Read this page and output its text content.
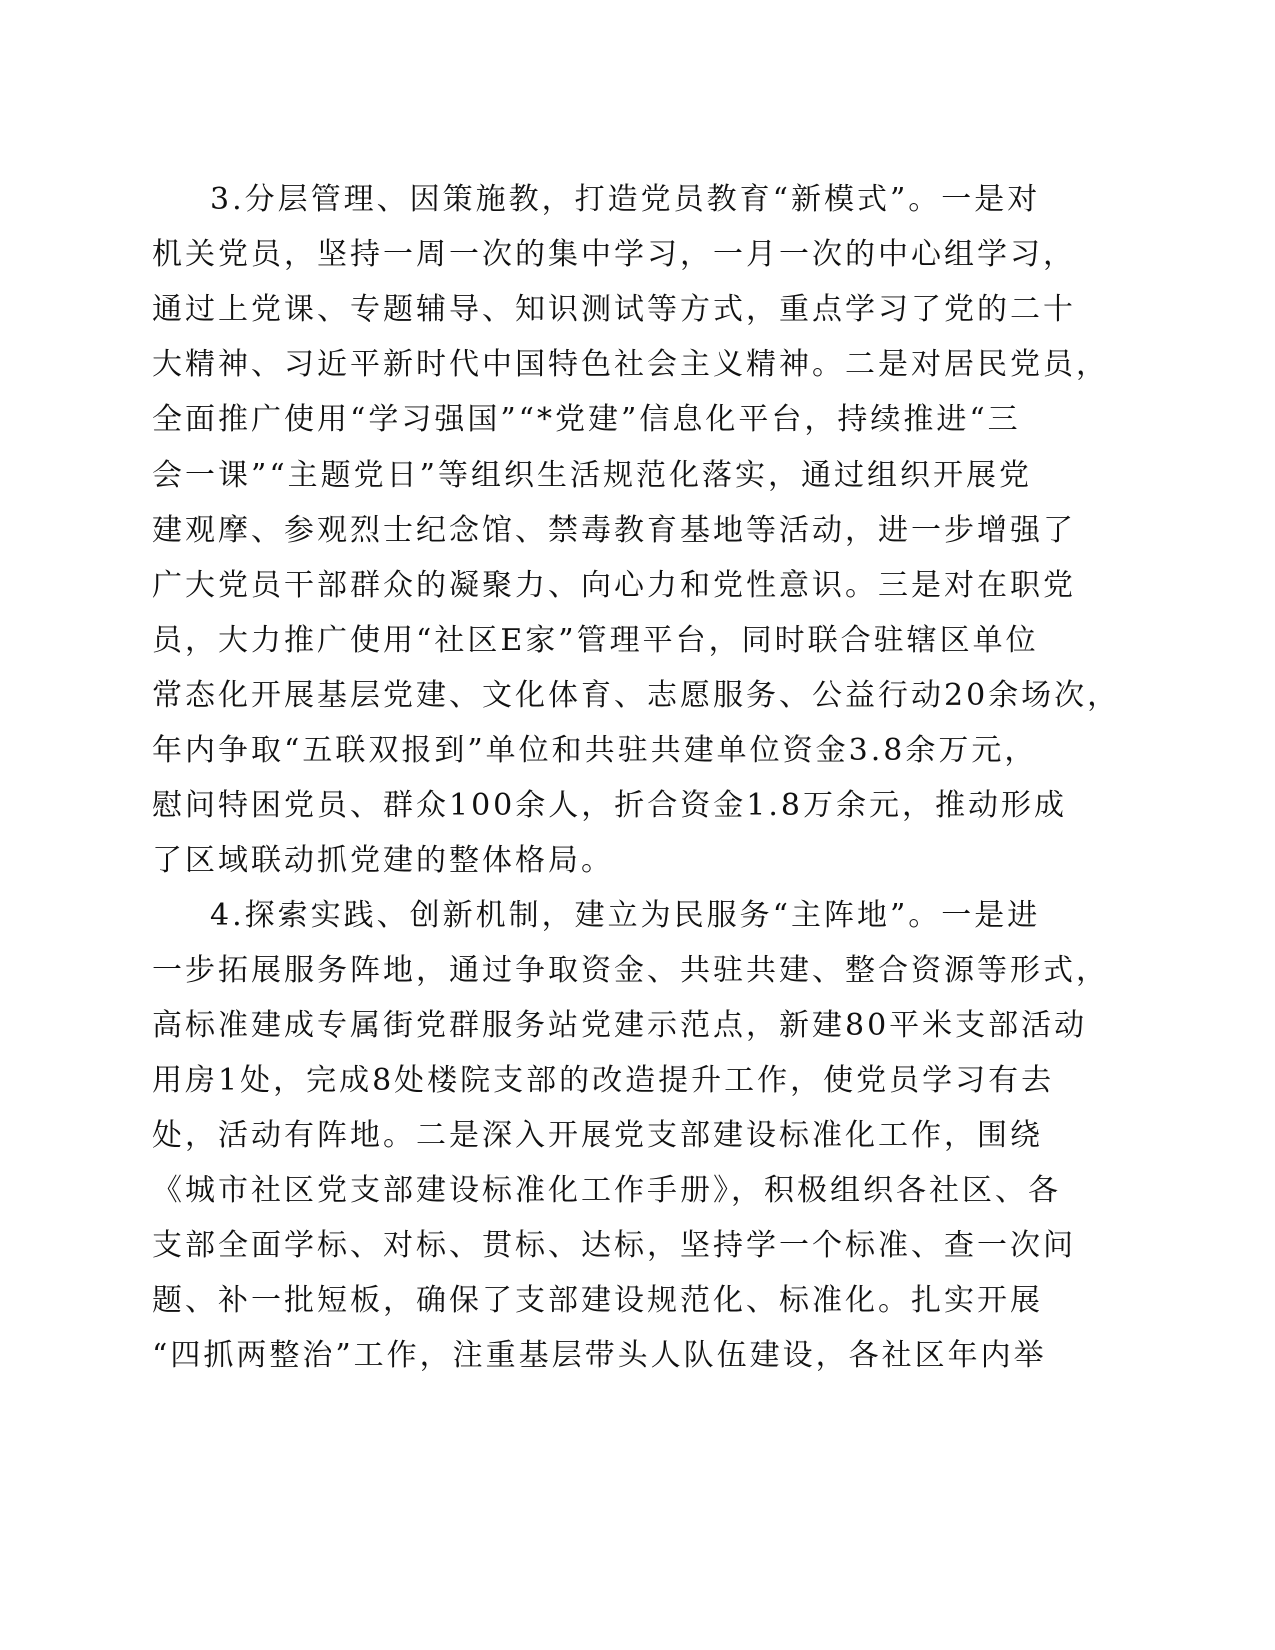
3.分层管理、因策施教，打造党员教育“新模式”。一是对

机关党员，坚持一周一次的集中学习，一月一次的中心组学习，

通过上党课、专题辅导、知识测试等方式，重点学习了党的二十

大精神、习近平新时代中国特色社会主义精神。二是对居民党员，

全面推广使用“学习强国”“*党建”信息化平台，持续推进“三

会一课”“主题党日”等组织生活规范化落实，通过组织开展党

建观摩、参观烈士纪念馆、禁毒教育基地等活动，进一步增强了

广大党员干部群众的凝聚力、向心力和党性意识。三是对在职党

员，大力推广使用“社区E家”管理平台，同时联合驻辖区单位

常态化开展基层党建、文化体育、志愿服务、公益行动20余场次，

年内争取“五联双报到”单位和共驻共建单位资金3.8余万元，

慰问特困党员、群众100余人，折合资金1.8万余元，推动形成

了区域联动抓党建的整体格局。

4.探索实践、创新机制，建立为民服务“主阵地”。一是进

一步拓展服务阵地，通过争取资金、共驻共建、整合资源等形式，

高标准建成专属街党群服务站党建示范点，新建80平米支部活动

用房1处，完成8处楼院支部的改造提升工作，使党员学习有去

处，活动有阵地。二是深入开展党支部建设标准化工作，围绕

《城市社区党支部建设标准化工作手册》，积极组织各社区、各

支部全面学标、对标、贯标、达标，坚持学一个标准、查一次问

题、补一批短板，确保了支部建设规范化、标准化。扎实开展

“四抓两整治”工作，注重基层带头人队伍建设，各社区年内举
